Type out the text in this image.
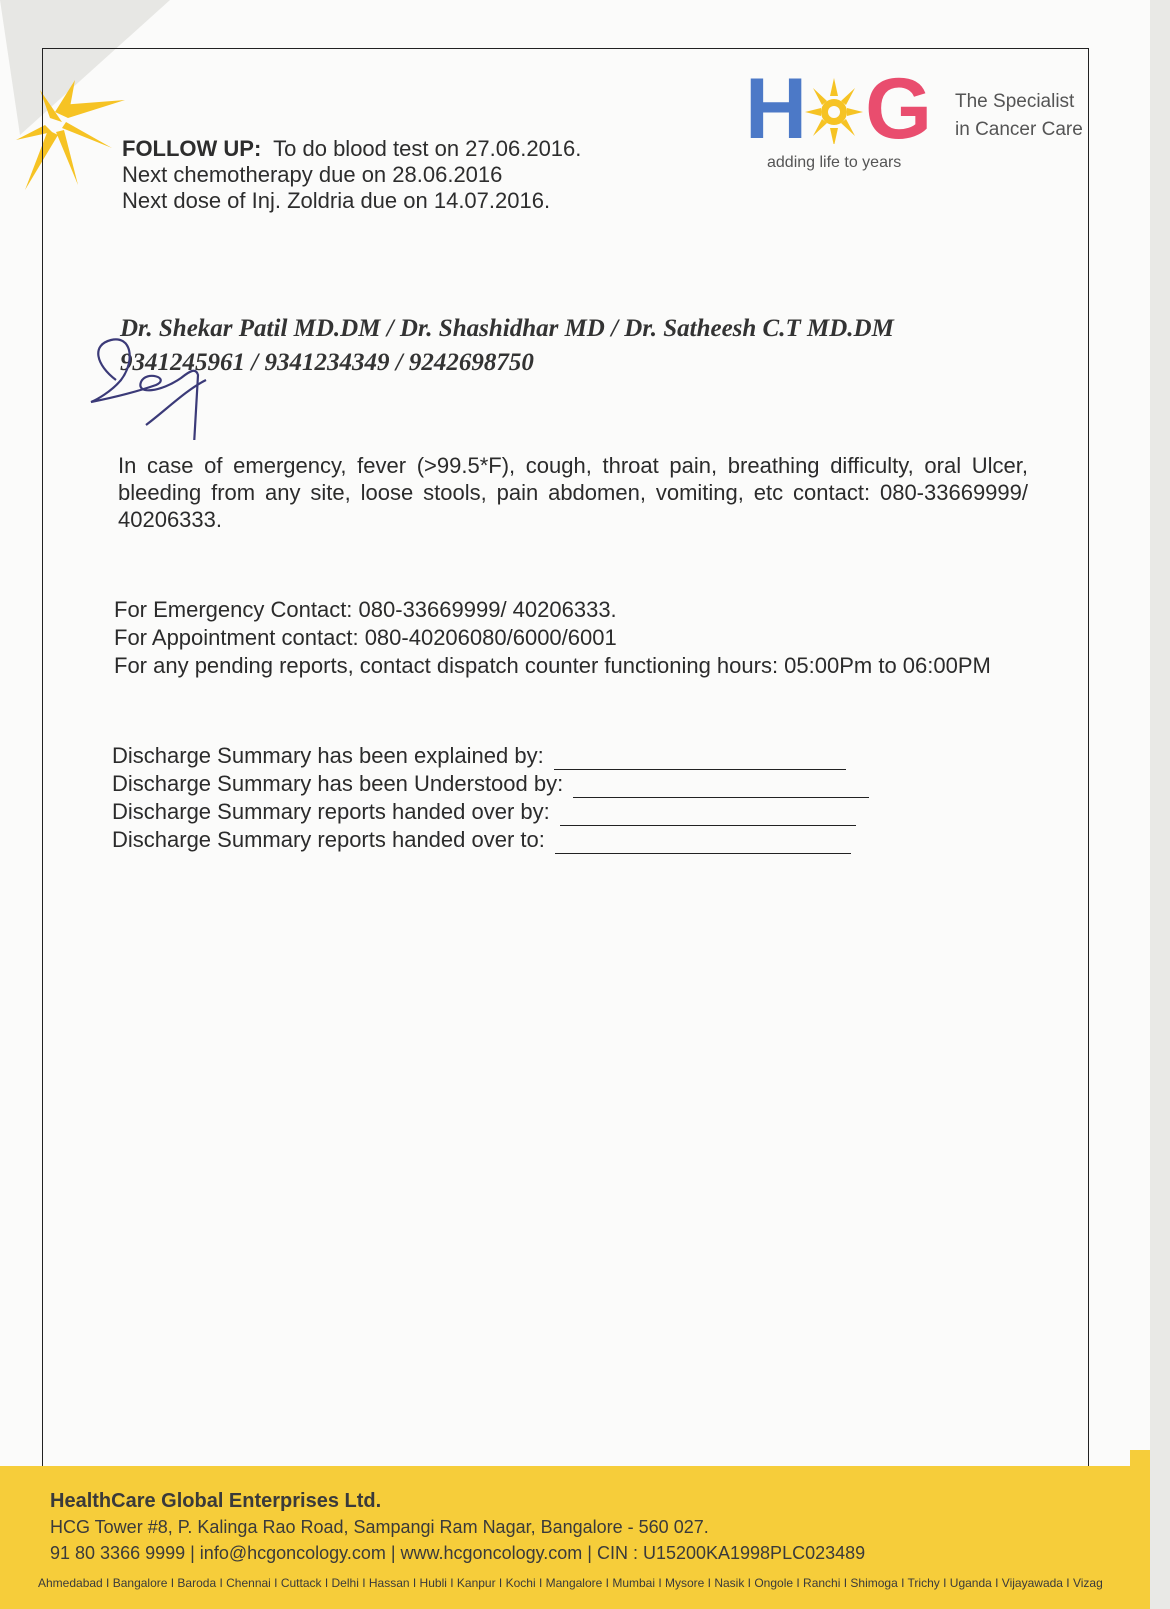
H G
adding life to years
The Specialist
in Cancer Care
FOLLOW UP: To do blood test on 27.06.2016.
Next chemotherapy due on 28.06.2016
Next dose of Inj. Zoldria due on 14.07.2016.
Dr. Shekar Patil MD.DM / Dr. Shashidhar MD / Dr. Satheesh C.T MD.DM
9341245961 / 9341234349 / 9242698750
In case of emergency, fever (>99.5*F), cough, throat pain, breathing difficulty, oral Ulcer, bleeding from any site, loose stools, pain abdomen, vomiting, etc contact: 080-33669999/ 40206333.
For Emergency Contact: 080-33669999/ 40206333.
For Appointment contact: 080-40206080/6000/6001
For any pending reports, contact dispatch counter functioning hours: 05:00Pm to 06:00PM
Discharge Summary has been explained by:
Discharge Summary has been Understood by:
Discharge Summary reports handed over by:
Discharge Summary reports handed over to:
HealthCare Global Enterprises Ltd.
HCG Tower #8, P. Kalinga Rao Road, Sampangi Ram Nagar, Bangalore - 560 027.
91 80 3366 9999 | info@hcgoncology.com | www.hcgoncology.com | CIN : U15200KA1998PLC023489
Ahmedabad I Bangalore I Baroda I Chennai I Cuttack I Delhi I Hassan I Hubli I Kanpur I Kochi I Mangalore I Mumbai I Mysore I Nasik I Ongole I Ranchi I Shimoga I Trichy I Uganda I Vijayawada I Vizag
